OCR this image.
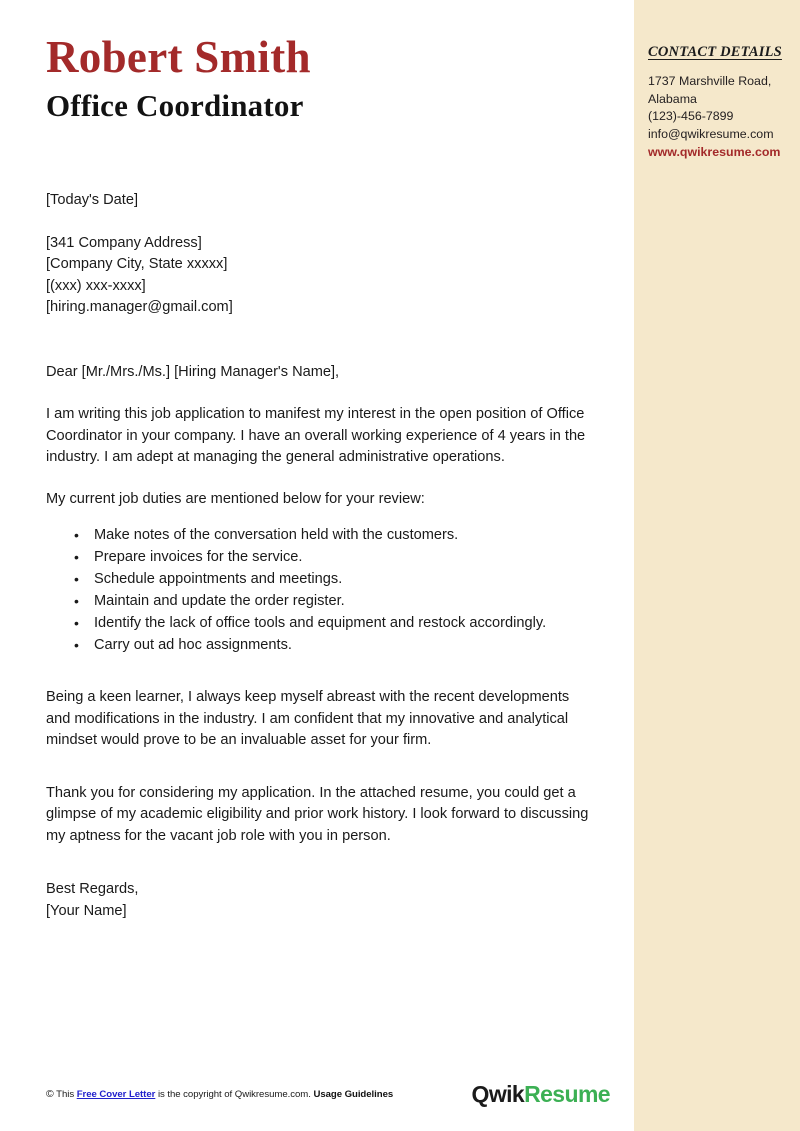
CONTACT DETAILS
1737 Marshville Road,
Alabama
(123)-456-7899
info@qwikresume.com
www.qwikresume.com
Robert Smith
Office Coordinator
[Today's Date]
[341 Company Address]
[Company City, State xxxxx]
[(xxx) xxx-xxxx]
[hiring.manager@gmail.com]
Dear [Mr./Mrs./Ms.] [Hiring Manager's Name],

I am writing this job application to manifest my interest in the open position of Office Coordinator in your company. I have an overall working experience of 4 years in the industry. I am adept at managing the general administrative operations.

My current job duties are mentioned below for your review:

• Make notes of the conversation held with the customers.
• Prepare invoices for the service.
• Schedule appointments and meetings.
• Maintain and update the order register.
• Identify the lack of office tools and equipment and restock accordingly.
• Carry out ad hoc assignments.

Being a keen learner, I always keep myself abreast with the recent developments and modifications in the industry. I am confident that my innovative and analytical mindset would prove to be an invaluable asset for your firm.

Thank you for considering my application. In the attached resume, you could get a glimpse of my academic eligibility and prior work history. I look forward to discussing my aptness for the vacant job role with you in person.

Best Regards,
[Your Name]
© This Free Cover Letter is the copyright of Qwikresume.com. Usage Guidelines	QwikResume
